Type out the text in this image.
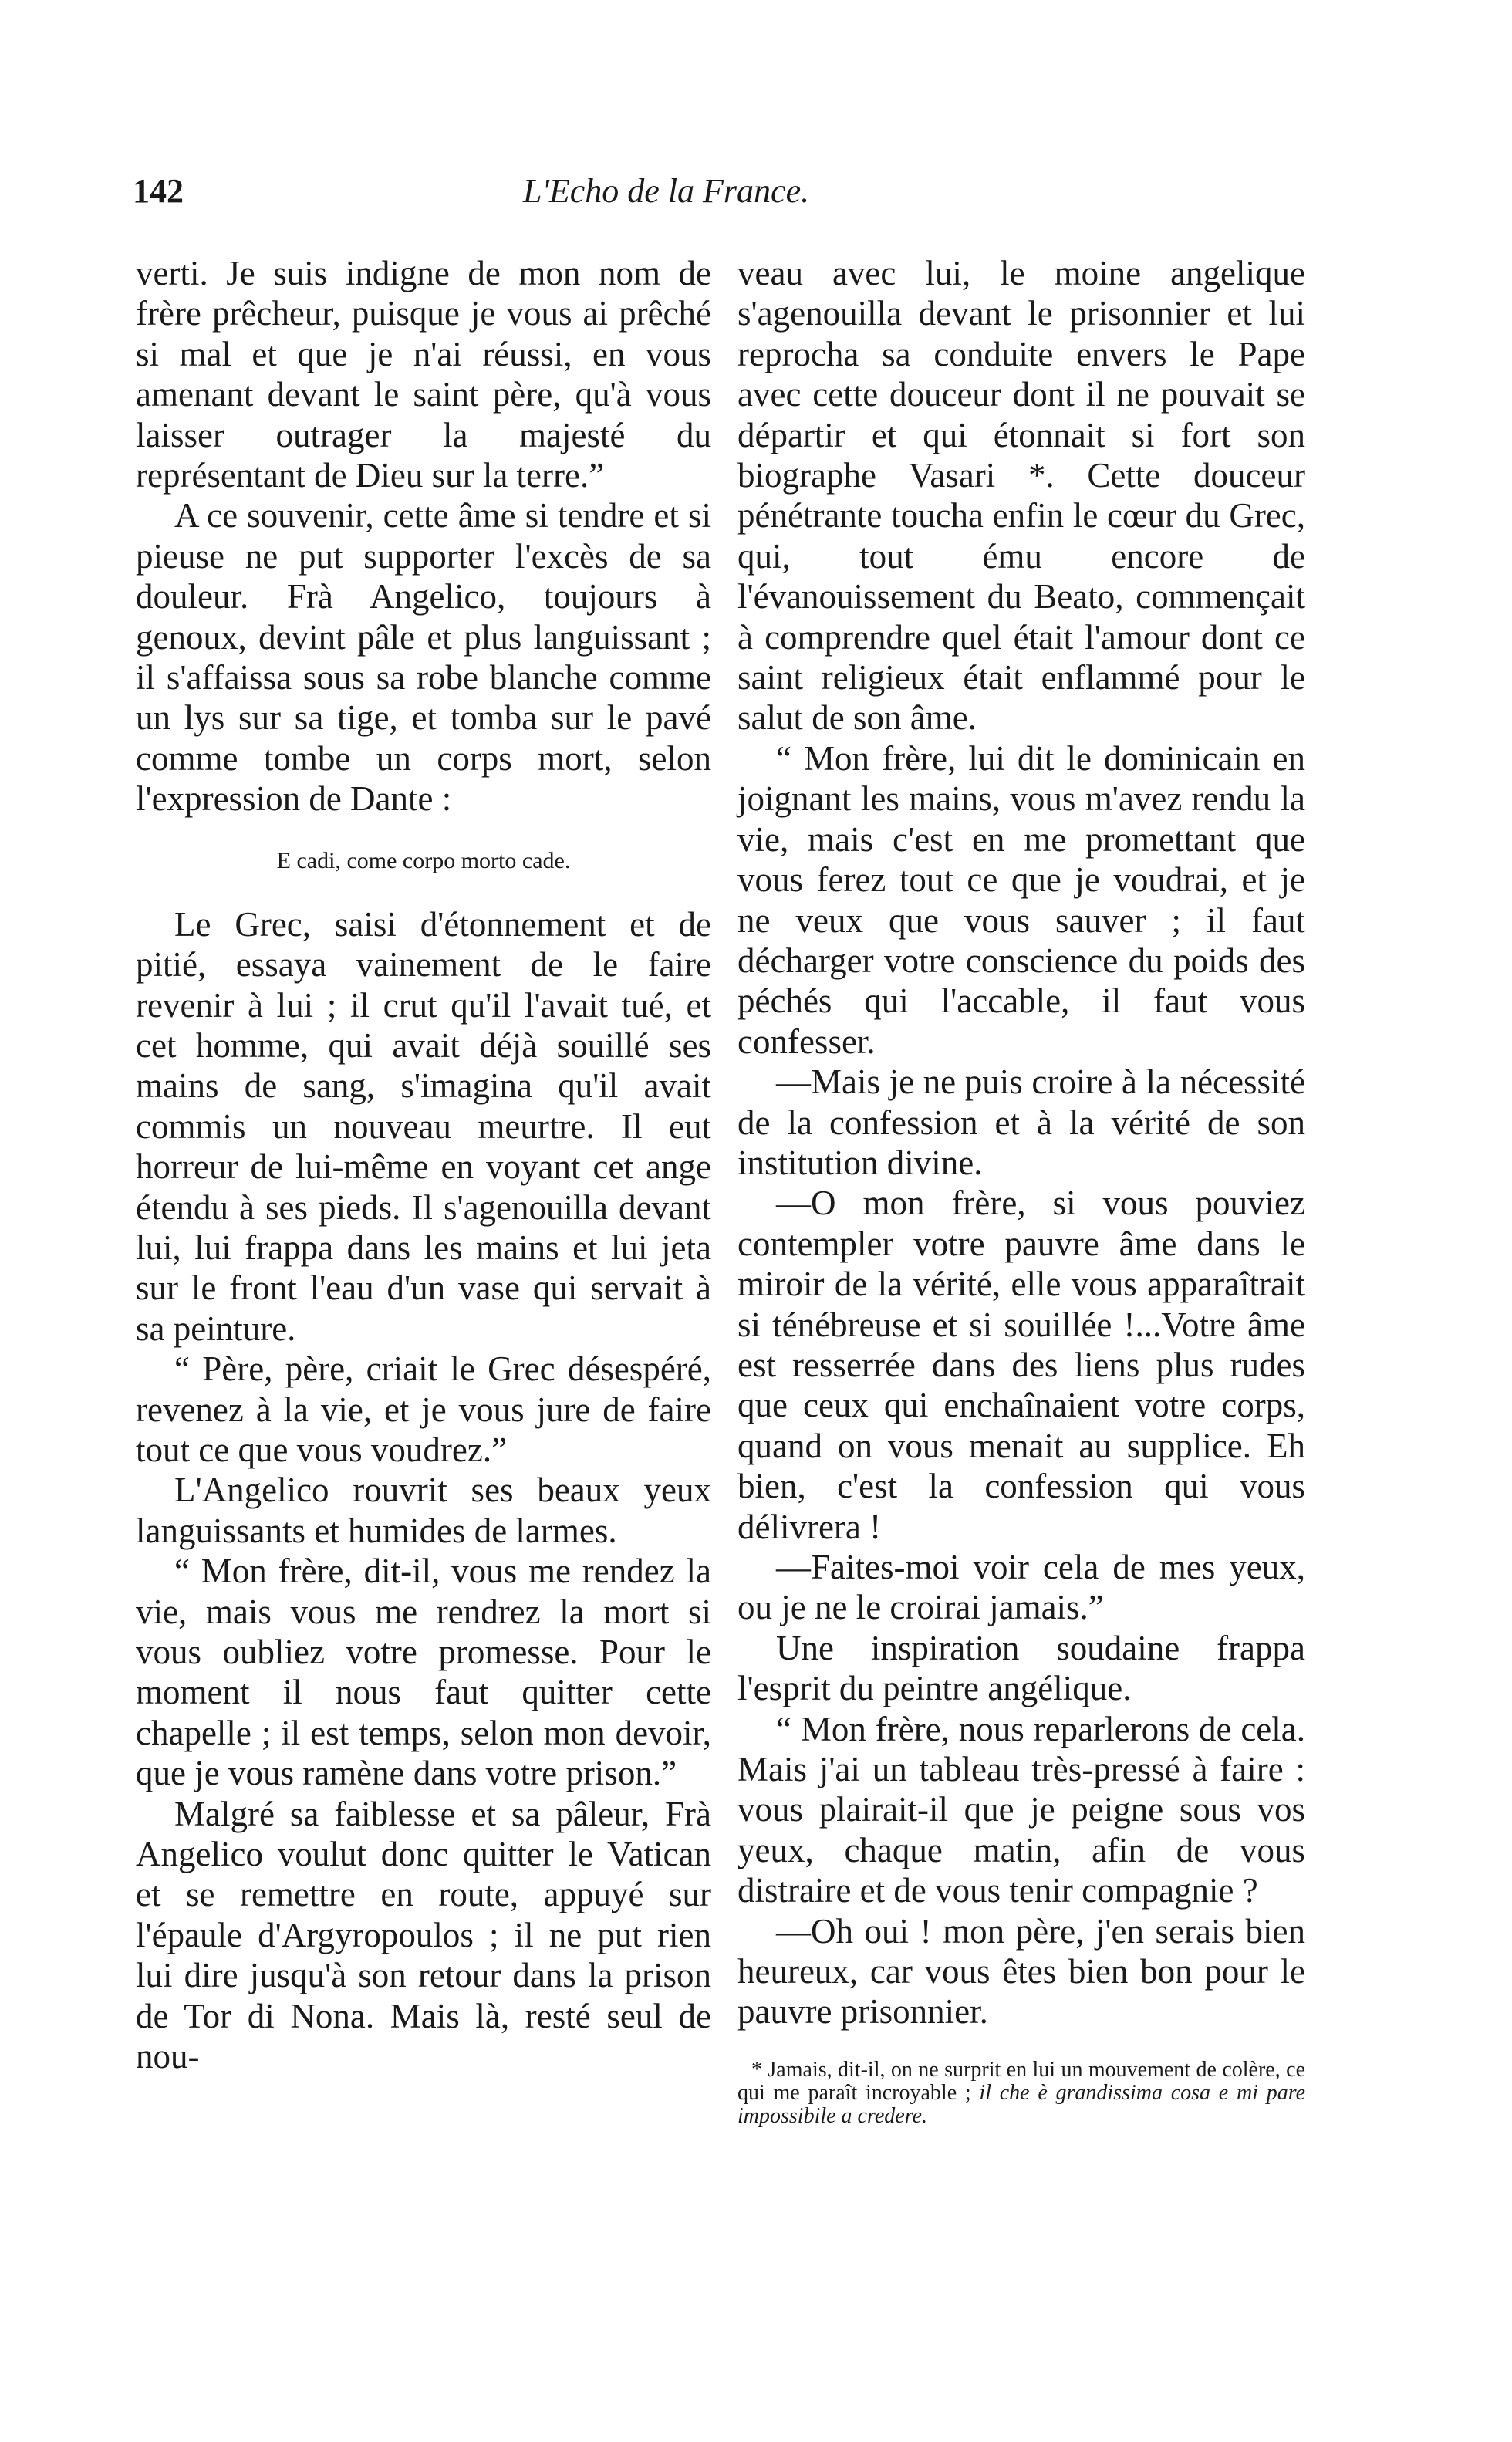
142	L'Echo de la France.

verti. Je suis indigne de mon nom de frère prêcheur, puisque je vous ai prêché si mal et que je n'ai réussi, en vous amenant devant le saint père, qu'à vous laisser outrager la majesté du représentant de Dieu sur la terre.”

A ce souvenir, cette âme si tendre et si pieuse ne put supporter l'excès de sa douleur. Frà Angelico, toujours à genoux, devint pâle et plus languissant ; il s'affaissa sous sa robe blanche comme un lys sur sa tige, et tomba sur le pavé comme tombe un corps mort, selon l'expression de Dante :

E cadi, come corpo morto cade.

Le Grec, saisi d'étonnement et de pitié, essaya vainement de le faire revenir à lui ; il crut qu'il l'avait tué, et cet homme, qui avait déjà souillé ses mains de sang, s'imagina qu'il avait commis un nouveau meurtre. Il eut horreur de lui-même en voyant cet ange étendu à ses pieds. Il s'agenouilla devant lui, lui frappa dans les mains et lui jeta sur le front l'eau d'un vase qui servait à sa peinture.

“ Père, père, criait le Grec désespéré, revenez à la vie, et je vous jure de faire tout ce que vous voudrez.”

L'Angelico rouvrit ses beaux yeux languissants et humides de larmes.

“ Mon frère, dit-il, vous me rendez la vie, mais vous me rendrez la mort si vous oubliez votre promesse. Pour le moment il nous faut quitter cette chapelle ; il est temps, selon mon devoir, que je vous ramène dans votre prison.”

Malgré sa faiblesse et sa pâleur, Frà Angelico voulut donc quitter le Vatican et se remettre en route, appuyé sur l'épaule d'Argyropoulos ; il ne put rien lui dire jusqu'à son retour dans la prison de Tor di Nona. Mais là, resté seul de nou-

veau avec lui, le moine angelique s'agenouilla devant le prisonnier et lui reprocha sa conduite envers le Pape avec cette douceur dont il ne pouvait se départir et qui étonnait si fort son biographe Vasari *. Cette douceur pénétrante toucha enfin le cœur du Grec, qui, tout ému encore de l'évanouissement du Beato, commençait à comprendre quel était l'amour dont ce saint religieux était enflammé pour le salut de son âme.

“ Mon frère, lui dit le dominicain en joignant les mains, vous m'avez rendu la vie, mais c'est en me promettant que vous ferez tout ce que je voudrai, et je ne veux que vous sauver ; il faut décharger votre conscience du poids des péchés qui l'accable, il faut vous confesser.

—Mais je ne puis croire à la nécessité de la confession et à la vérité de son institution divine.

—O mon frère, si vous pouviez contempler votre pauvre âme dans le miroir de la vérité, elle vous apparaîtrait si ténébreuse et si souillée !...Votre âme est resserrée dans des liens plus rudes que ceux qui enchaînaient votre corps, quand on vous menait au supplice. Eh bien, c'est la confession qui vous délivrera !

—Faites-moi voir cela de mes yeux, ou je ne le croirai jamais.”

Une inspiration soudaine frappa l'esprit du peintre angélique.

“ Mon frère, nous reparlerons de cela. Mais j'ai un tableau très-pressé à faire : vous plairait-il que je peigne sous vos yeux, chaque matin, afin de vous distraire et de vous tenir compagnie ?

—Oh oui ! mon père, j'en serais bien heureux, car vous êtes bien bon pour le pauvre prisonnier.

* Jamais, dit-il, on ne surprit en lui un mouvement de colère, ce qui me paraît incroyable ; il che è grandissima cosa e mi pare impossibile a credere.
